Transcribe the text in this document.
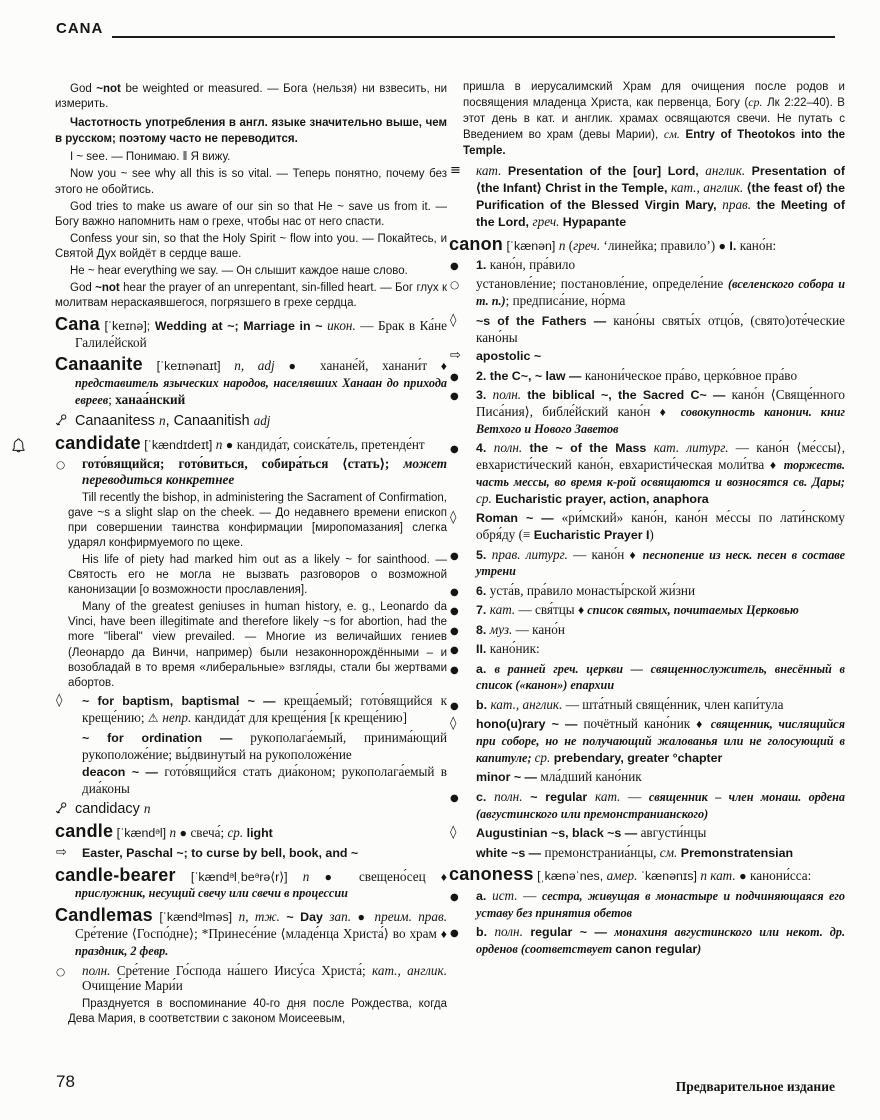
CANA
God ~not be weighted or measured. — Бога ⟨нельзя⟩ ни взвесить, ни измерить.
Частотность употребления в англ. языке значительно выше, чем в русском; поэтому часто не переводится.
I ~ see. — Понимаю. ‖ Я вижу.
Now you ~ see why all this is so vital. — Теперь понятно, почему без этого не обойтись.
God tries to make us aware of our sin so that He ~ save us from it. — Богу важно напомнить нам о грехе, чтобы нас от него спасти.
Confess your sin, so that the Holy Spirit ~ flow into you. — Покайтесь, и Святой Дух войдёт в сердце ваше.
He ~ hear everything we say. — Он слышит каждое наше слово.
God ~not hear the prayer of an unrepentant, sin-filled heart. — Бог глух к молитвам нераскаявшегося, погрязшего в грехе сердца.
Cana [ˈkeɪnə]; Wedding at ~; Marriage in ~ икон. — Брак в Ка́не Галиле́йской
Canaanite [ˈkeɪnənaɪt] n, adj ● ханане́й, ханани́т ♦ представитель языческих народов, населявших Ханаан до прихода евреев; ханаа́нский
Canaanitess n, Canaanitish adj
candidate [ˈkændɪdeɪt] n ● кандида́т, соиска́тель, претенде́нт
○ гото́вящийся; гото́виться, собира́ться ⟨стать⟩; может переводиться конкретнее
Till recently the bishop, in administering the Sacrament of Confirmation, gave ~s a slight slap on the cheek. — До недавнего времени епископ при совершении таинства конфирмации [миропомазания] слегка ударял конфирмуемого по щеке.
His life of piety had marked him out as a likely ~ for sainthood. — Святость его не могла не вызвать разговоров о возможной канонизации [о возможности прославления].
Many of the greatest geniuses in human history, e. g., Leonardo da Vinci, have been illegitimate and therefore likely ~s for abortion, had the more "liberal" view prevailed. — Многие из величайших гениев (Леонардо да Винчи, например) были незаконнорождёнными – и возобладай в то время «либеральные» взгляды, стали бы жертвами абортов.
◊ ~ for baptism, baptismal ~ — креща́емый; гото́вящийся к креще́нию; ⚠ непр. кандида́т для креще́ния [к креще́нию]
~ for ordination — рукополага́емый, принима́ющий рукоположе́ние; вы́двинутый на рукоположе́ние
deacon ~ — гото́вящийся стать диа́коном; рукополага́емый в диа́коны
candidacy n
candle [ˈkændᵊl] n ● свеча́; ср. light
⇨ Easter, Paschal ~; to curse by bell, book, and ~
candle-bearer [ˈkændᵊlˌbeᵊrə⟨r⟩] n ● свещено́сец ♦ прислужник, несущий свечу или свечи в процессии
Candlemas [ˈkændᵊlməs] n, тж. ~ Day зап. ● преим. прав. Сре́тение ⟨Госпо́дне⟩; *Принесе́ние ⟨младе́нца Христа́⟩ во храм ♦ праздник, 2 февр.
○ полн. Сре́тение Го́спода на́шего Иису́са Христа́; кат., англик. Очище́ние Мари́и
Празднуется в воспоминание 40-го дня после Рождества, когда Дева Мария, в соответствии с законом Моисеевым,
пришла в иерусалимский Храм для очищения после родов и посвящения младенца Христа, как первенца, Богу (ср. Лк 2:22–40). В этот день в кат. и англик. храмах освящаются свечи. Не путать с Введением во храм (девы Марии), см. Entry of Theotokos into the Temple.
≡ кат. Presentation of the [our] Lord, англик. Presentation of ⟨the Infant⟩ Christ in the Temple, кат., англик. ⟨the feast of⟩ the Purification of the Blessed Virgin Mary, прав. the Meeting of the Lord, греч. Hypapante
canon [ˈkænən] n (греч. ‘линейка; правило’) ● I. кано́н:
● 1. кано́н, пра́вило
○ установле́ние; постановле́ние, определе́ние (вселенского собора и т. п.); предписа́ние, но́рма
◊ ~s of the Fathers — кано́ны святы́х отцо́в, (свято)оте́ческие кано́ны
⇨ apostolic ~
● 2. the C~, ~ law — канони́ческое пра́во, церко́вное пра́во
● 3. полн. the biblical ~, the Sacred C~ — кано́н ⟨Свяще́нного Писа́ния⟩, библе́йский кано́н ♦ совокупность канонич. книг Ветхого и Нового Заветов
● 4. полн. the ~ of the Mass кат. литург. — кано́н ⟨ме́ссы⟩, евхаристи́ческий кано́н, евхаристи́ческая моли́тва ♦ торжеств. часть мессы, во время к-рой освящаются и возносятся св. Дары; ср. Eucharistic prayer, action, anaphora
◊ Roman ~ — «ри́мский» кано́н, кано́н ме́ссы по лати́нскому обря́ду (≡ Eucharistic Prayer I)
● 5. прав. литург. — кано́н ♦ песнопение из неск. песен в составе утрени
● 6. уста́в, пра́вило монасты́рской жи́зни
● 7. кат. — свя́тцы ♦ список святых, почитаемых Церковью
● 8. муз. — кано́н
● II. кано́ник:
● a. в ранней греч. церкви — священнослужитель, внесённый в список («канон») епархии
● b. кат., англик. — шта́тный свяще́нник, член капи́тула
◊ hono(u)rary ~ — почётный кано́ник ♦ священник, числящийся при соборе, но не получающий жалованья или не голосующий в капитуле; ср. prebendary, greater °chapter
minor ~ — мла́дший кано́ник
● c. полн. ~ regular кат. — священник – член монаш. ордена (августинского или премонстранианского)
◊ Augustinian ~s, black ~s — августи́нцы
white ~s — премонстраниа́нцы, см. Premonstratensian
canoness [ˌkænəˈnes, амер. ˈkænənɪs] n кат. ● канони́сса:
● a. ист. — сестра, живущая в монастыре и подчиняющаяся его уставу без принятия обетов
● b. полн. regular ~ — монахиня августинского или некот. др. орденов (соответствует canon regular)
78	Предварительное издание
